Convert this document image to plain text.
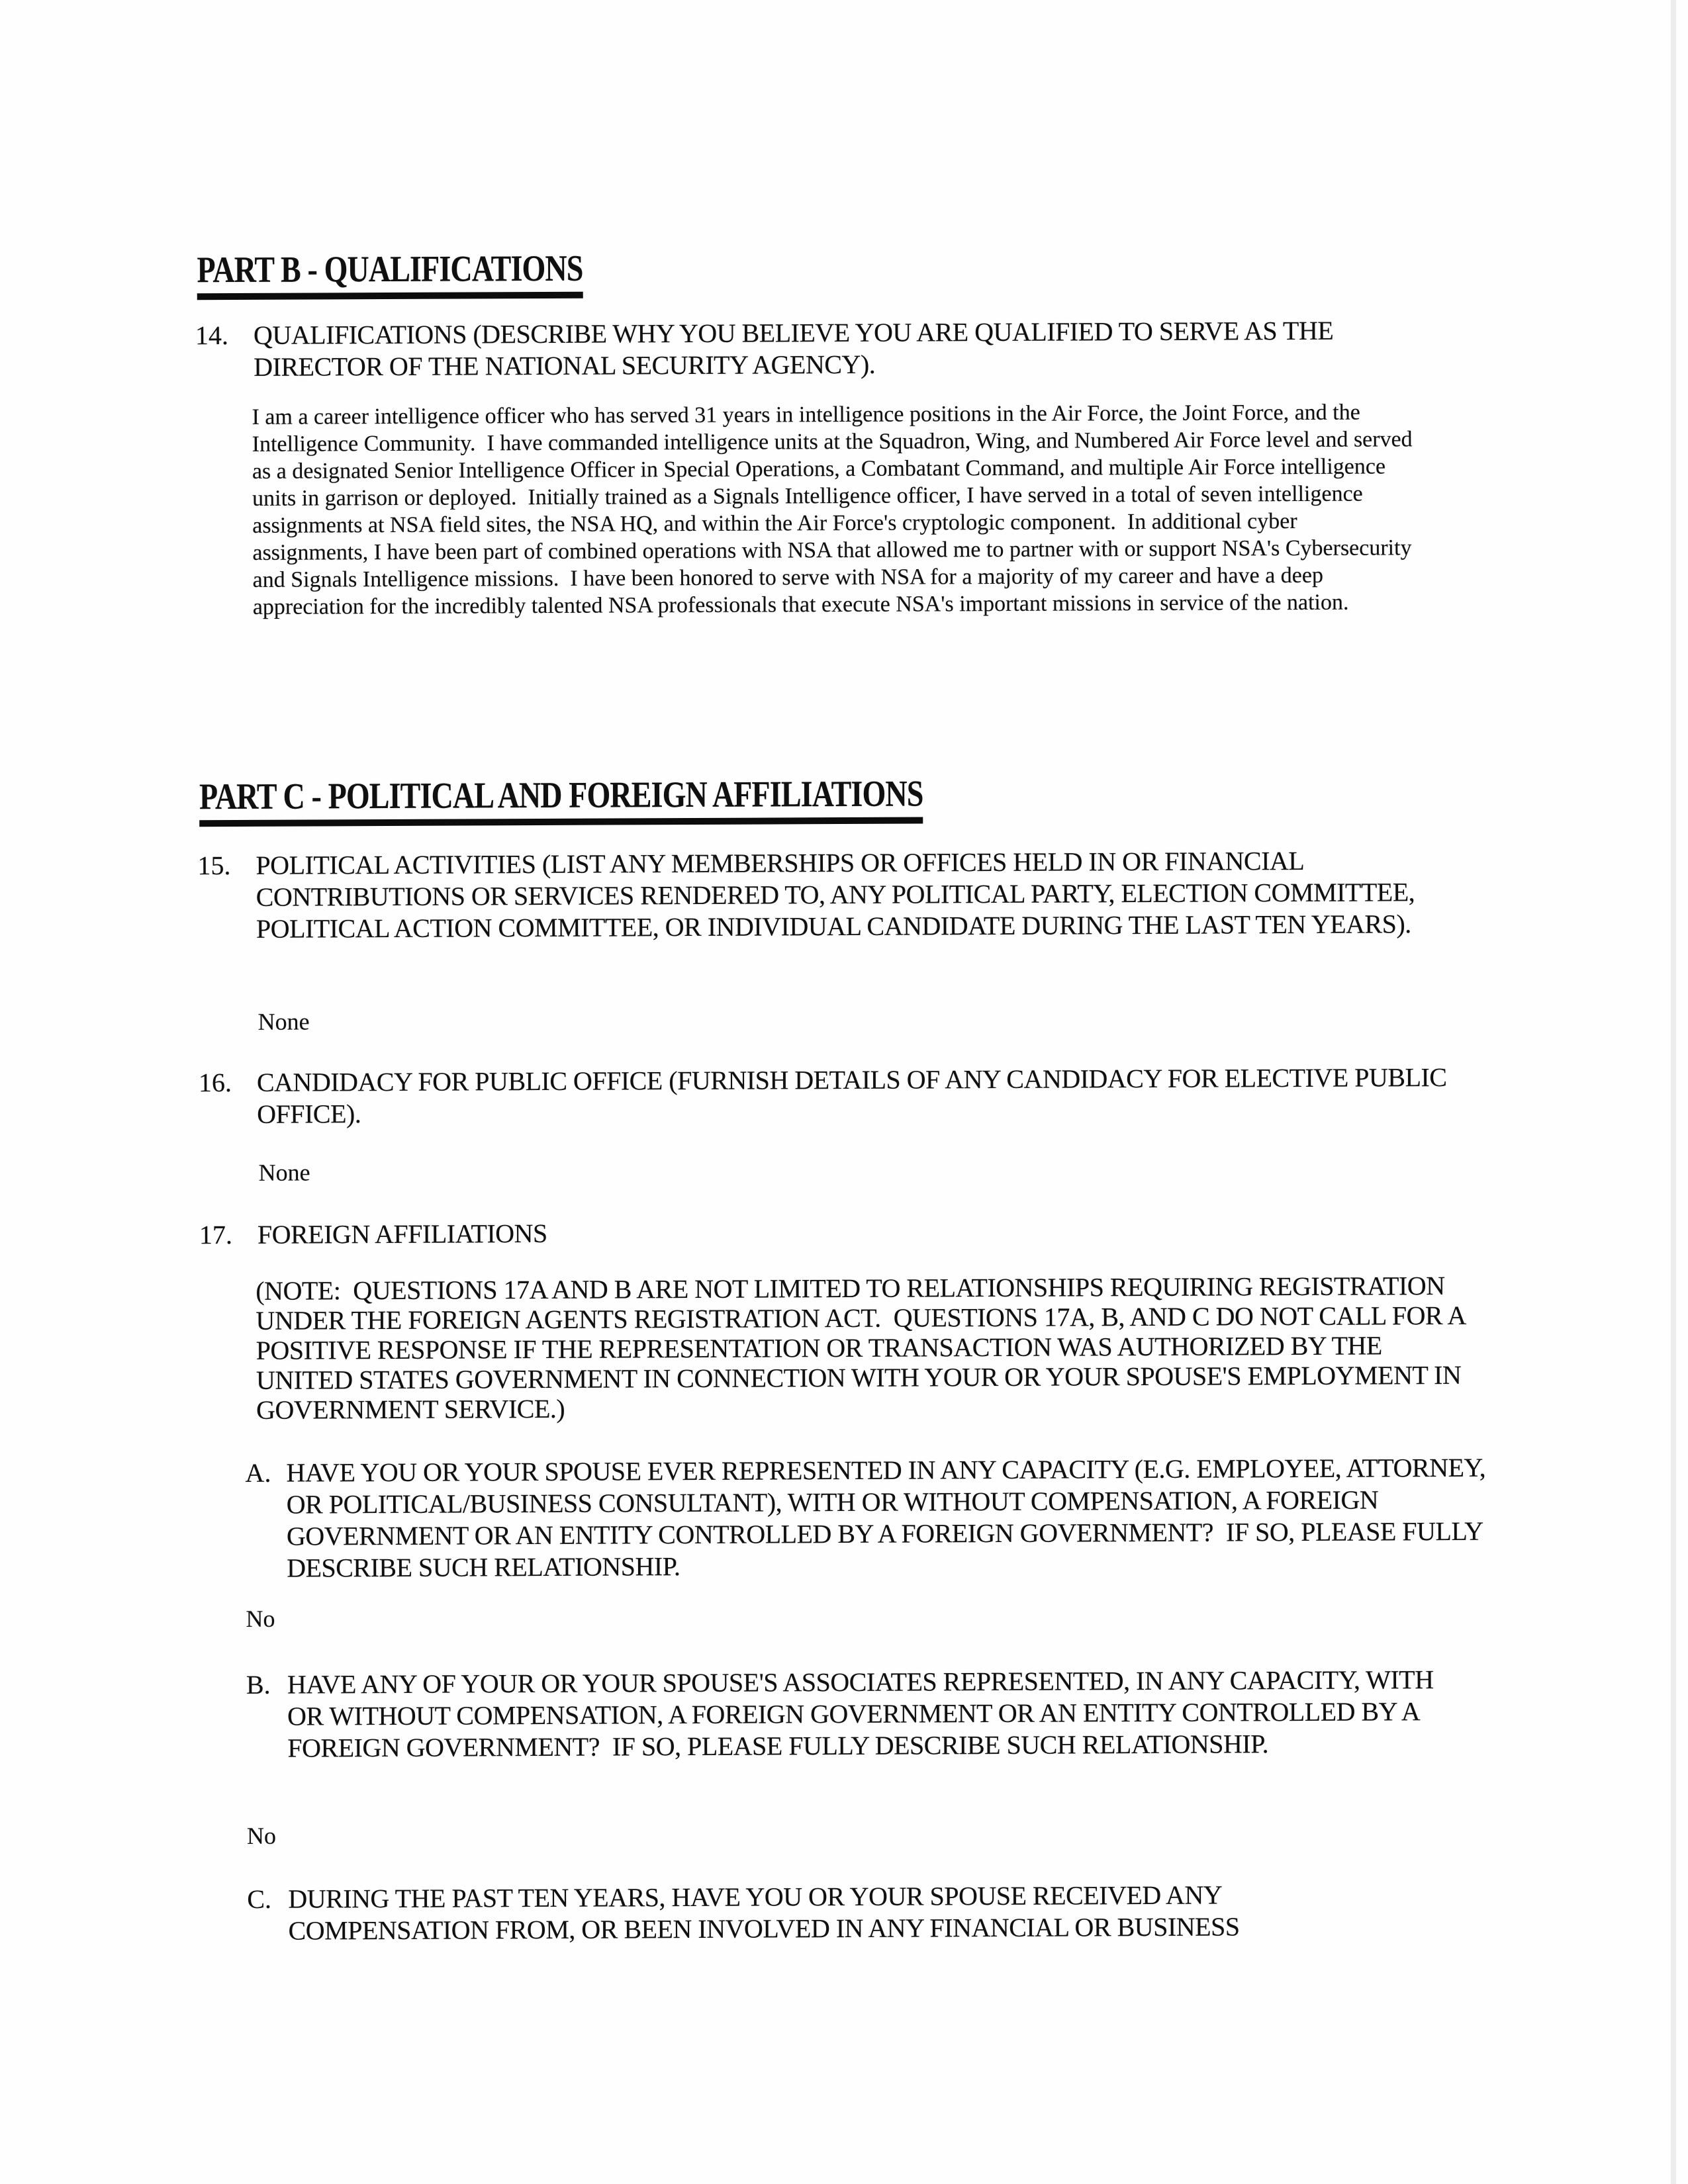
PART B - QUALIFICATIONS
14. QUALIFICATIONS (DESCRIBE WHY YOU BELIEVE YOU ARE QUALIFIED TO SERVE AS THE DIRECTOR OF THE NATIONAL SECURITY AGENCY).

I am a career intelligence officer who has served 31 years in intelligence positions in the Air Force, the Joint Force, and the Intelligence Community.  I have commanded intelligence units at the Squadron, Wing, and Numbered Air Force level and served as a designated Senior Intelligence Officer in Special Operations, a Combatant Command, and multiple Air Force intelligence units in garrison or deployed.  Initially trained as a Signals Intelligence officer, I have served in a total of seven intelligence assignments at NSA field sites, the NSA HQ, and within the Air Force's cryptologic component.  In additional cyber assignments, I have been part of combined operations with NSA that allowed me to partner with or support NSA's Cybersecurity and Signals Intelligence missions.  I have been honored to serve with NSA for a majority of my career and have a deep appreciation for the incredibly talented NSA professionals that execute NSA's important missions in service of the nation.

PART C - POLITICAL AND FOREIGN AFFILIATIONS
15. POLITICAL ACTIVITIES (LIST ANY MEMBERSHIPS OR OFFICES HELD IN OR FINANCIAL CONTRIBUTIONS OR SERVICES RENDERED TO, ANY POLITICAL PARTY, ELECTION COMMITTEE, POLITICAL ACTION COMMITTEE, OR INDIVIDUAL CANDIDATE DURING THE LAST TEN YEARS).

None

16. CANDIDACY FOR PUBLIC OFFICE (FURNISH DETAILS OF ANY CANDIDACY FOR ELECTIVE PUBLIC OFFICE).

None

17. FOREIGN AFFILIATIONS

(NOTE:  QUESTIONS 17A AND B ARE NOT LIMITED TO RELATIONSHIPS REQUIRING REGISTRATION UNDER THE FOREIGN AGENTS REGISTRATION ACT.  QUESTIONS 17A, B, AND C DO NOT CALL FOR A POSITIVE RESPONSE IF THE REPRESENTATION OR TRANSACTION WAS AUTHORIZED BY THE UNITED STATES GOVERNMENT IN CONNECTION WITH YOUR OR YOUR SPOUSE'S EMPLOYMENT IN GOVERNMENT SERVICE.)

A. HAVE YOU OR YOUR SPOUSE EVER REPRESENTED IN ANY CAPACITY (E.G. EMPLOYEE, ATTORNEY, OR POLITICAL/BUSINESS CONSULTANT), WITH OR WITHOUT COMPENSATION, A FOREIGN GOVERNMENT OR AN ENTITY CONTROLLED BY A FOREIGN GOVERNMENT?  IF SO, PLEASE FULLY DESCRIBE SUCH RELATIONSHIP.

No

B. HAVE ANY OF YOUR OR YOUR SPOUSE'S ASSOCIATES REPRESENTED, IN ANY CAPACITY, WITH OR WITHOUT COMPENSATION, A FOREIGN GOVERNMENT OR AN ENTITY CONTROLLED BY A FOREIGN GOVERNMENT?  IF SO, PLEASE FULLY DESCRIBE SUCH RELATIONSHIP.

No

C. DURING THE PAST TEN YEARS, HAVE YOU OR YOUR SPOUSE RECEIVED ANY COMPENSATION FROM, OR BEEN INVOLVED IN ANY FINANCIAL OR BUSINESS
